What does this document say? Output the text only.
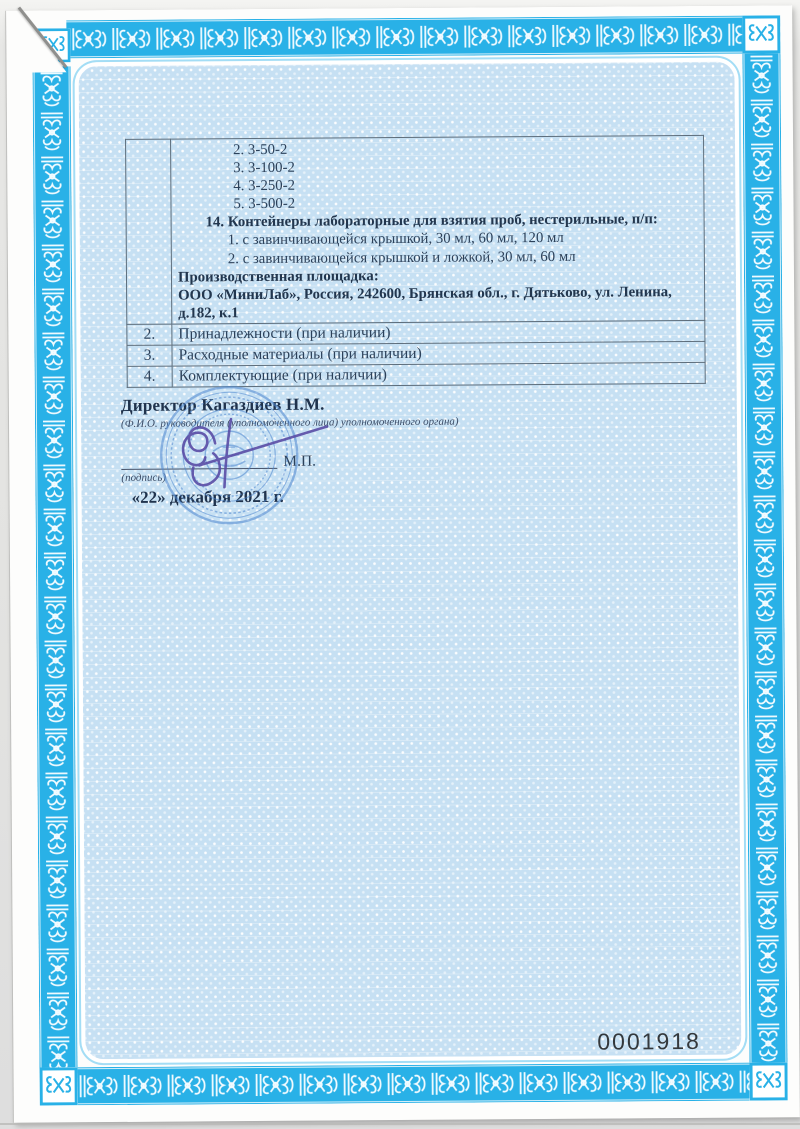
2. 3-50-2
3. 3-100-2
4. 3-250-2
5. 3-500-2
14. Контейнеры лабораторные для взятия проб, нестерильные, п/п:
1. с завинчивающейся крышкой, 30 мл, 60 мл, 120 мл
2. с завинчивающейся крышкой и ложкой, 30 мл, 60 мл
Производственная площадка:
ООО «МиниЛаб», Россия, 242600, Брянская обл., г. Дятьково, ул. Ленина, д.182, к.1

2.	Принадлежности (при наличии)
3.	Расходные материалы (при наличии)
4.	Комплектующие (при наличии)
Директор Кагаздиев Н.М.
(Ф.И.О. руководителя (уполномоченного лица) уполномоченного органа)
М.П.
(подпись)
«22» декабря 2021 г.
0001918
